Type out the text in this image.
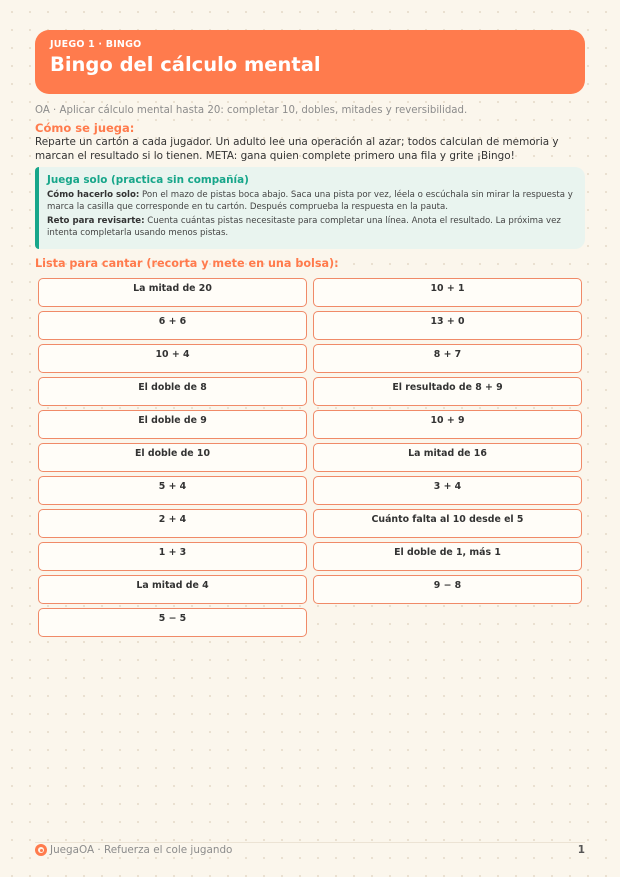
JUEGO 1 · BINGO
Bingo del cálculo mental
OA · Aplicar cálculo mental hasta 20: completar 10, dobles, mitades y reversibilidad.
Cómo se juega:
Reparte un cartón a cada jugador. Un adulto lee una operación al azar; todos calculan de memoria y marcan el resultado si lo tienen. META: gana quien complete primero una fila y grite ¡Bingo!
Juega solo (practica sin compañía)

Cómo hacerlo solo: Pon el mazo de pistas boca abajo. Saca una pista por vez, léela o escúchala sin mirar la respuesta y marca la casilla que corresponde en tu cartón. Después comprueba la respuesta en la pauta.

Reto para revisarte: Cuenta cuántas pistas necesitaste para completar una línea. Anota el resultado. La próxima vez intenta completarla usando menos pistas.

Lista para cantar (recorta y mete en una bolsa):
La mitad de 20
6 + 6
10 + 4
El doble de 8
El doble de 9
El doble de 10
5 + 4
2 + 4
1 + 3
La mitad de 4
5 − 5
10 + 1
13 + 0
8 + 7
El resultado de 8 + 9
10 + 9
La mitad de 16
3 + 4
Cuánto falta al 10 desde el 5
El doble de 1, más 1
9 − 8
JuegaOA · Refuerza el cole jugando	1
